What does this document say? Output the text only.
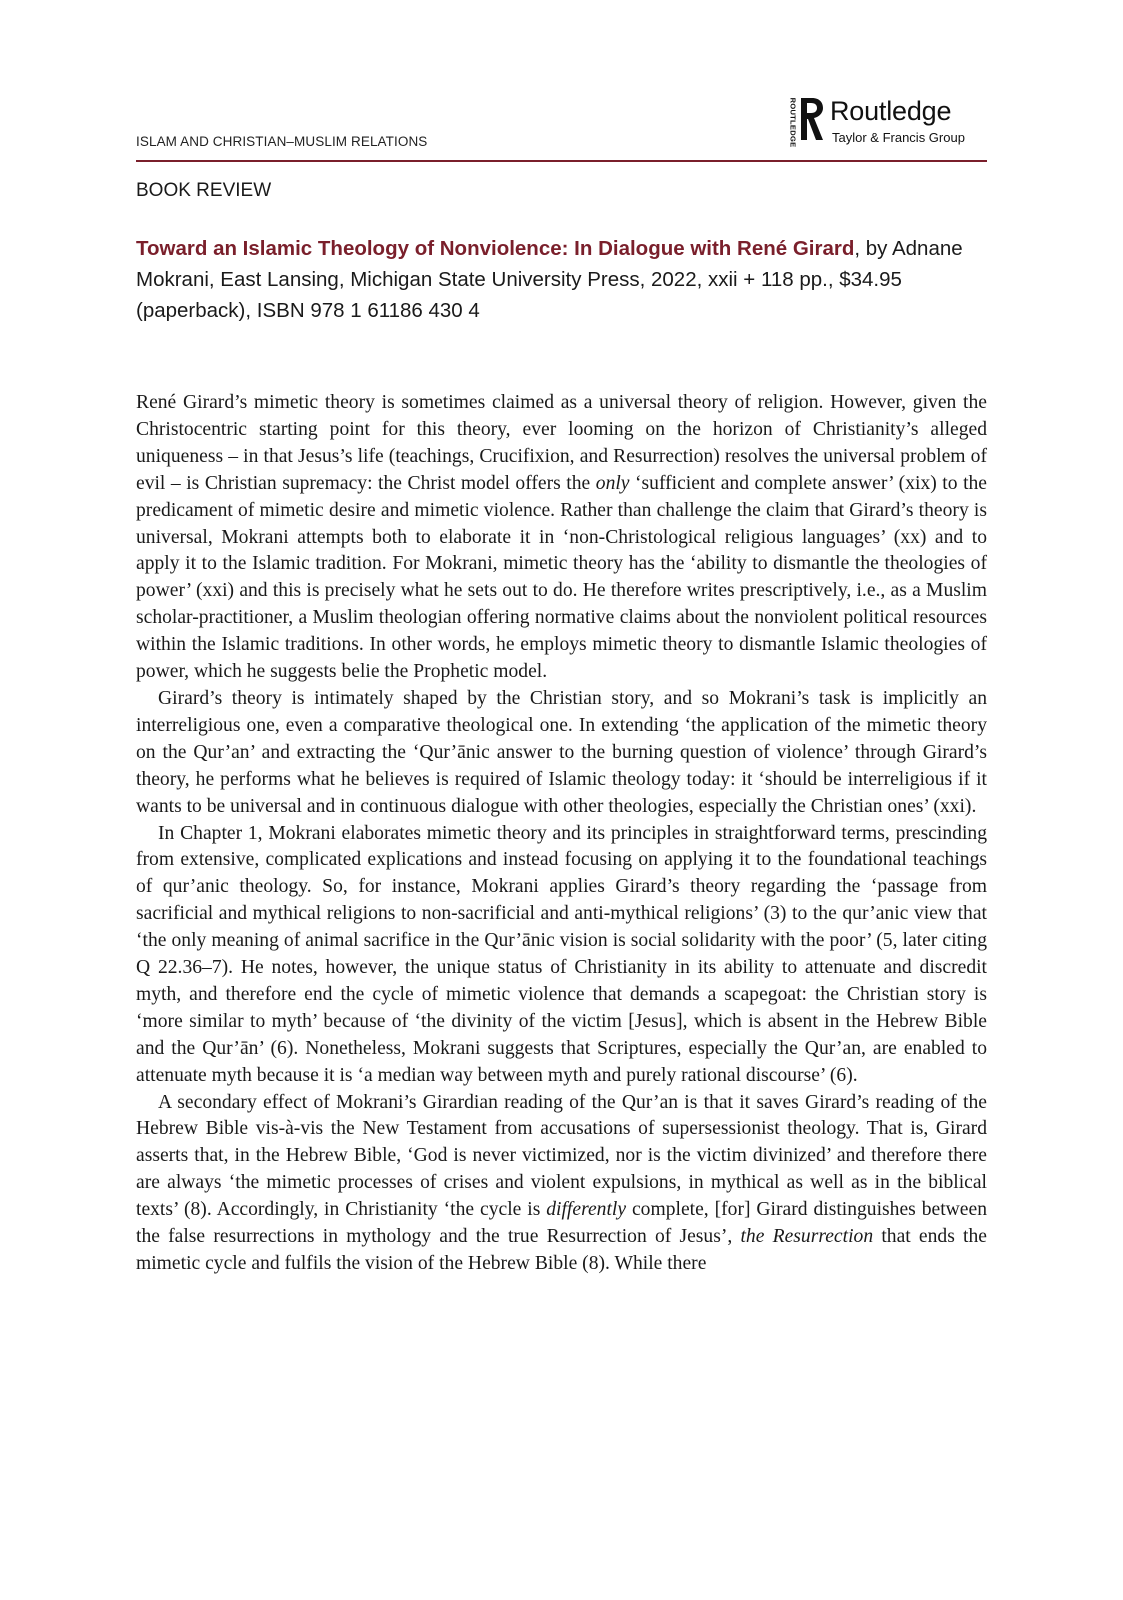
ISLAM AND CHRISTIAN–MUSLIM RELATIONS	ROUTLEDGE Routledge
Taylor & Francis Group
BOOK REVIEW
Toward an Islamic Theology of Nonviolence: In Dialogue with René Girard, by Adnane Mokrani, East Lansing, Michigan State University Press, 2022, xxii + 118 pp., $34.95 (paperback), ISBN 978 1 61186 430 4

René Girard’s mimetic theory is sometimes claimed as a universal theory of religion. However, given the Christocentric starting point for this theory, ever looming on the horizon of Christianity’s alleged uniqueness – in that Jesus’s life (teachings, Crucifixion, and Resurrection) resolves the universal problem of evil – is Christian supremacy: the Christ model offers the only ‘sufficient and complete answer’ (xix) to the predicament of mimetic desire and mimetic violence. Rather than challenge the claim that Girard’s theory is universal, Mokrani attempts both to elaborate it in ‘non-Christological religious languages’ (xx) and to apply it to the Islamic tradition. For Mokrani, mimetic theory has the ‘ability to dismantle the theologies of power’ (xxi) and this is precisely what he sets out to do. He therefore writes prescriptively, i.e., as a Muslim scholar-practitioner, a Muslim theologian offering normative claims about the nonviolent political resources within the Islamic traditions. In other words, he employs mimetic theory to dismantle Islamic theologies of power, which he suggests belie the Prophetic model.

Girard’s theory is intimately shaped by the Christian story, and so Mokrani’s task is implicitly an interreligious one, even a comparative theological one. In extending ‘the application of the mimetic theory on the Qur’an’ and extracting the ‘Qur’ānic answer to the burning question of violence’ through Girard’s theory, he performs what he believes is required of Islamic theology today: it ‘should be interreligious if it wants to be universal and in continuous dialogue with other theologies, especially the Christian ones’ (xxi).

In Chapter 1, Mokrani elaborates mimetic theory and its principles in straightforward terms, prescinding from extensive, complicated explications and instead focusing on applying it to the foundational teachings of qur’anic theology. So, for instance, Mokrani applies Girard’s theory regarding the ‘passage from sacrificial and mythical religions to non-sacrificial and anti-mythical religions’ (3) to the qur’anic view that ‘the only meaning of animal sacrifice in the Qur’ānic vision is social solidarity with the poor’ (5, later citing Q 22.36–7). He notes, however, the unique status of Christianity in its ability to attenuate and discredit myth, and therefore end the cycle of mimetic violence that demands a scapegoat: the Christian story is ‘more similar to myth’ because of ‘the divinity of the victim [Jesus], which is absent in the Hebrew Bible and the Qur’ān’ (6). Nonetheless, Mokrani suggests that Scriptures, especially the Qur’an, are enabled to attenuate myth because it is ‘a median way between myth and purely rational discourse’ (6).

A secondary effect of Mokrani’s Girardian reading of the Qur’an is that it saves Girard’s reading of the Hebrew Bible vis-à-vis the New Testament from accusations of supersessionist theology. That is, Girard asserts that, in the Hebrew Bible, ‘God is never victimized, nor is the victim divinized’ and therefore there are always ‘the mimetic processes of crises and violent expulsions, in mythical as well as in the biblical texts’ (8). Accordingly, in Christianity ‘the cycle is differently complete, [for] Girard distinguishes between the false resurrections in mythology and the true Resurrection of Jesus’, the Resurrection that ends the mimetic cycle and fulfils the vision of the Hebrew Bible (8). While there
